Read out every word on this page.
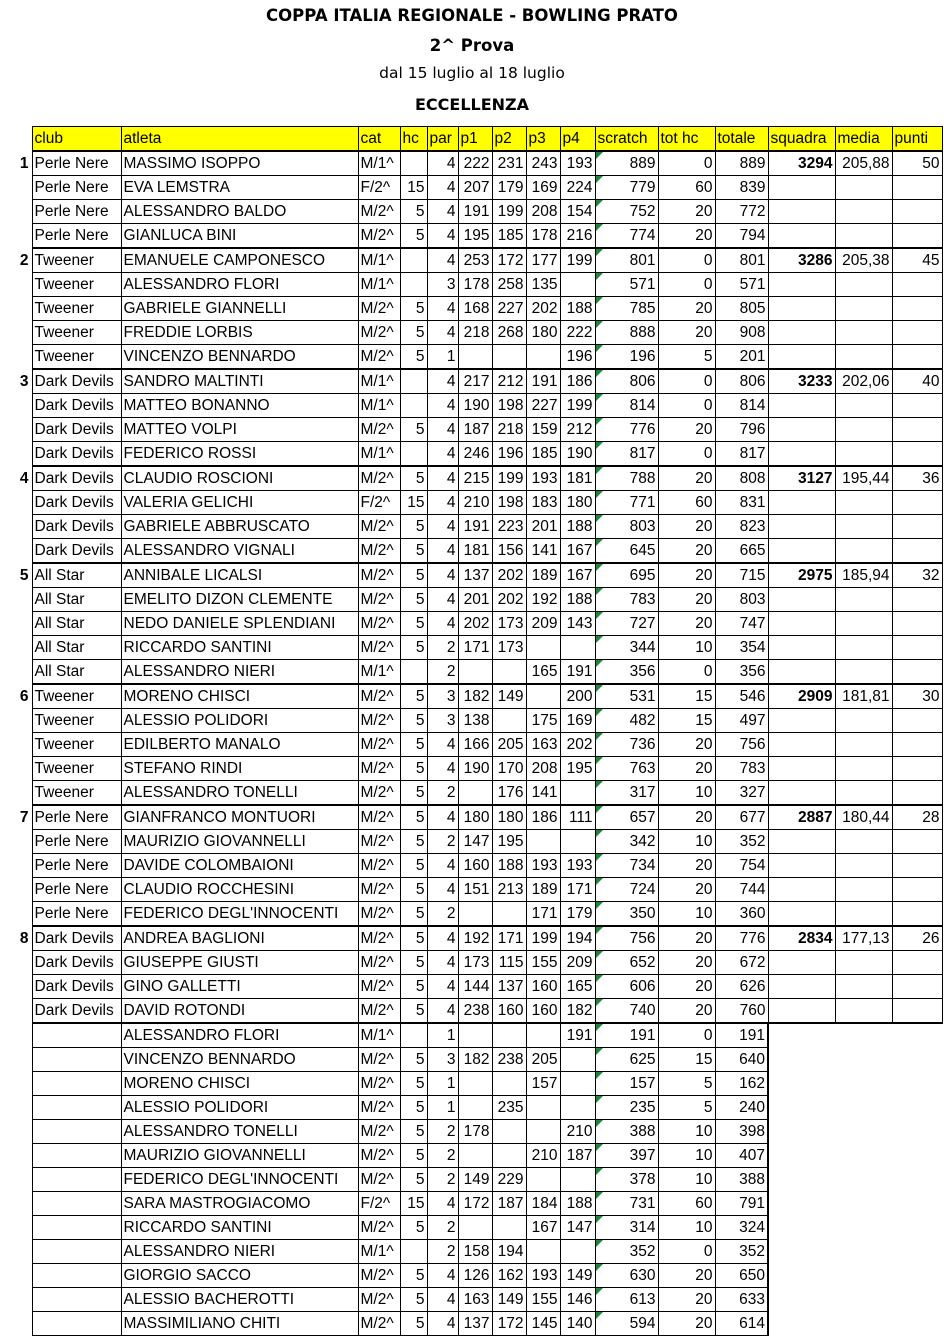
COPPA ITALIA REGIONALE - BOWLING PRATO
2^ Prova
dal 15 luglio al 18 luglio
ECCELLENZA
	club	atleta	cat	hc	par	p1	p2	p3	p4	scratch	tot hc	totale	squadra	media	punti
1	Perle Nere	MASSIMO ISOPPO	M/1^		4	222	231	243	193	889	0	889	3294	205,88	50
	Perle Nere	EVA LEMSTRA	F/2^	15	4	207	179	169	224	779	60	839			
	Perle Nere	ALESSANDRO BALDO	M/2^	5	4	191	199	208	154	752	20	772			
	Perle Nere	GIANLUCA BINI	M/2^	5	4	195	185	178	216	774	20	794			
2	Tweener	EMANUELE CAMPONESCO	M/1^		4	253	172	177	199	801	0	801	3286	205,38	45
	Tweener	ALESSANDRO FLORI	M/1^		3	178	258	135		571	0	571			
	Tweener	GABRIELE GIANNELLI	M/2^	5	4	168	227	202	188	785	20	805			
	Tweener	FREDDIE LORBIS	M/2^	5	4	218	268	180	222	888	20	908			
	Tweener	VINCENZO BENNARDO	M/2^	5	1				196	196	5	201			
3	Dark Devils	SANDRO MALTINTI	M/1^		4	217	212	191	186	806	0	806	3233	202,06	40
	Dark Devils	MATTEO BONANNO	M/1^		4	190	198	227	199	814	0	814			
	Dark Devils	MATTEO VOLPI	M/2^	5	4	187	218	159	212	776	20	796			
	Dark Devils	FEDERICO ROSSI	M/1^		4	246	196	185	190	817	0	817			
4	Dark Devils	CLAUDIO ROSCIONI	M/2^	5	4	215	199	193	181	788	20	808	3127	195,44	36
	Dark Devils	VALERIA GELICHI	F/2^	15	4	210	198	183	180	771	60	831			
	Dark Devils	GABRIELE ABBRUSCATO	M/2^	5	4	191	223	201	188	803	20	823			
	Dark Devils	ALESSANDRO VIGNALI	M/2^	5	4	181	156	141	167	645	20	665			
5	All Star	ANNIBALE LICALSI	M/2^	5	4	137	202	189	167	695	20	715	2975	185,94	32
	All Star	EMELITO DIZON CLEMENTE	M/2^	5	4	201	202	192	188	783	20	803			
	All Star	NEDO DANIELE SPLENDIANI	M/2^	5	4	202	173	209	143	727	20	747			
	All Star	RICCARDO SANTINI	M/2^	5	2	171	173			344	10	354			
	All Star	ALESSANDRO NIERI	M/1^		2			165	191	356	0	356			
6	Tweener	MORENO CHISCI	M/2^	5	3	182	149		200	531	15	546	2909	181,81	30
	Tweener	ALESSIO POLIDORI	M/2^	5	3	138		175	169	482	15	497			
	Tweener	EDILBERTO MANALO	M/2^	5	4	166	205	163	202	736	20	756			
	Tweener	STEFANO RINDI	M/2^	5	4	190	170	208	195	763	20	783			
	Tweener	ALESSANDRO TONELLI	M/2^	5	2		176	141		317	10	327			
7	Perle Nere	GIANFRANCO MONTUORI	M/2^	5	4	180	180	186	111	657	20	677	2887	180,44	28
	Perle Nere	MAURIZIO GIOVANNELLI	M/2^	5	2	147	195			342	10	352			
	Perle Nere	DAVIDE COLOMBAIONI	M/2^	5	4	160	188	193	193	734	20	754			
	Perle Nere	CLAUDIO ROCCHESINI	M/2^	5	4	151	213	189	171	724	20	744			
	Perle Nere	FEDERICO DEGL'INNOCENTI	M/2^	5	2			171	179	350	10	360			
8	Dark Devils	ANDREA BAGLIONI	M/2^	5	4	192	171	199	194	756	20	776	2834	177,13	26
	Dark Devils	GIUSEPPE GIUSTI	M/2^	5	4	173	115	155	209	652	20	672			
	Dark Devils	GINO GALLETTI	M/2^	5	4	144	137	160	165	606	20	626			
	Dark Devils	DAVID ROTONDI	M/2^	5	4	238	160	160	182	740	20	760			
		ALESSANDRO FLORI	M/1^		1				191	191	0	191			
		VINCENZO BENNARDO	M/2^	5	3	182	238	205		625	15	640			
		MORENO CHISCI	M/2^	5	1			157		157	5	162			
		ALESSIO POLIDORI	M/2^	5	1		235			235	5	240			
		ALESSANDRO TONELLI	M/2^	5	2	178			210	388	10	398			
		MAURIZIO GIOVANNELLI	M/2^	5	2			210	187	397	10	407			
		FEDERICO DEGL'INNOCENTI	M/2^	5	2	149	229			378	10	388			
		SARA MASTROGIACOMO	F/2^	15	4	172	187	184	188	731	60	791			
		RICCARDO SANTINI	M/2^	5	2			167	147	314	10	324			
		ALESSANDRO NIERI	M/1^		2	158	194			352	0	352			
		GIORGIO SACCO	M/2^	5	4	126	162	193	149	630	20	650			
		ALESSIO BACHEROTTI	M/2^	5	4	163	149	155	146	613	20	633			
		MASSIMILIANO CHITI	M/2^	5	4	137	172	145	140	594	20	614			
